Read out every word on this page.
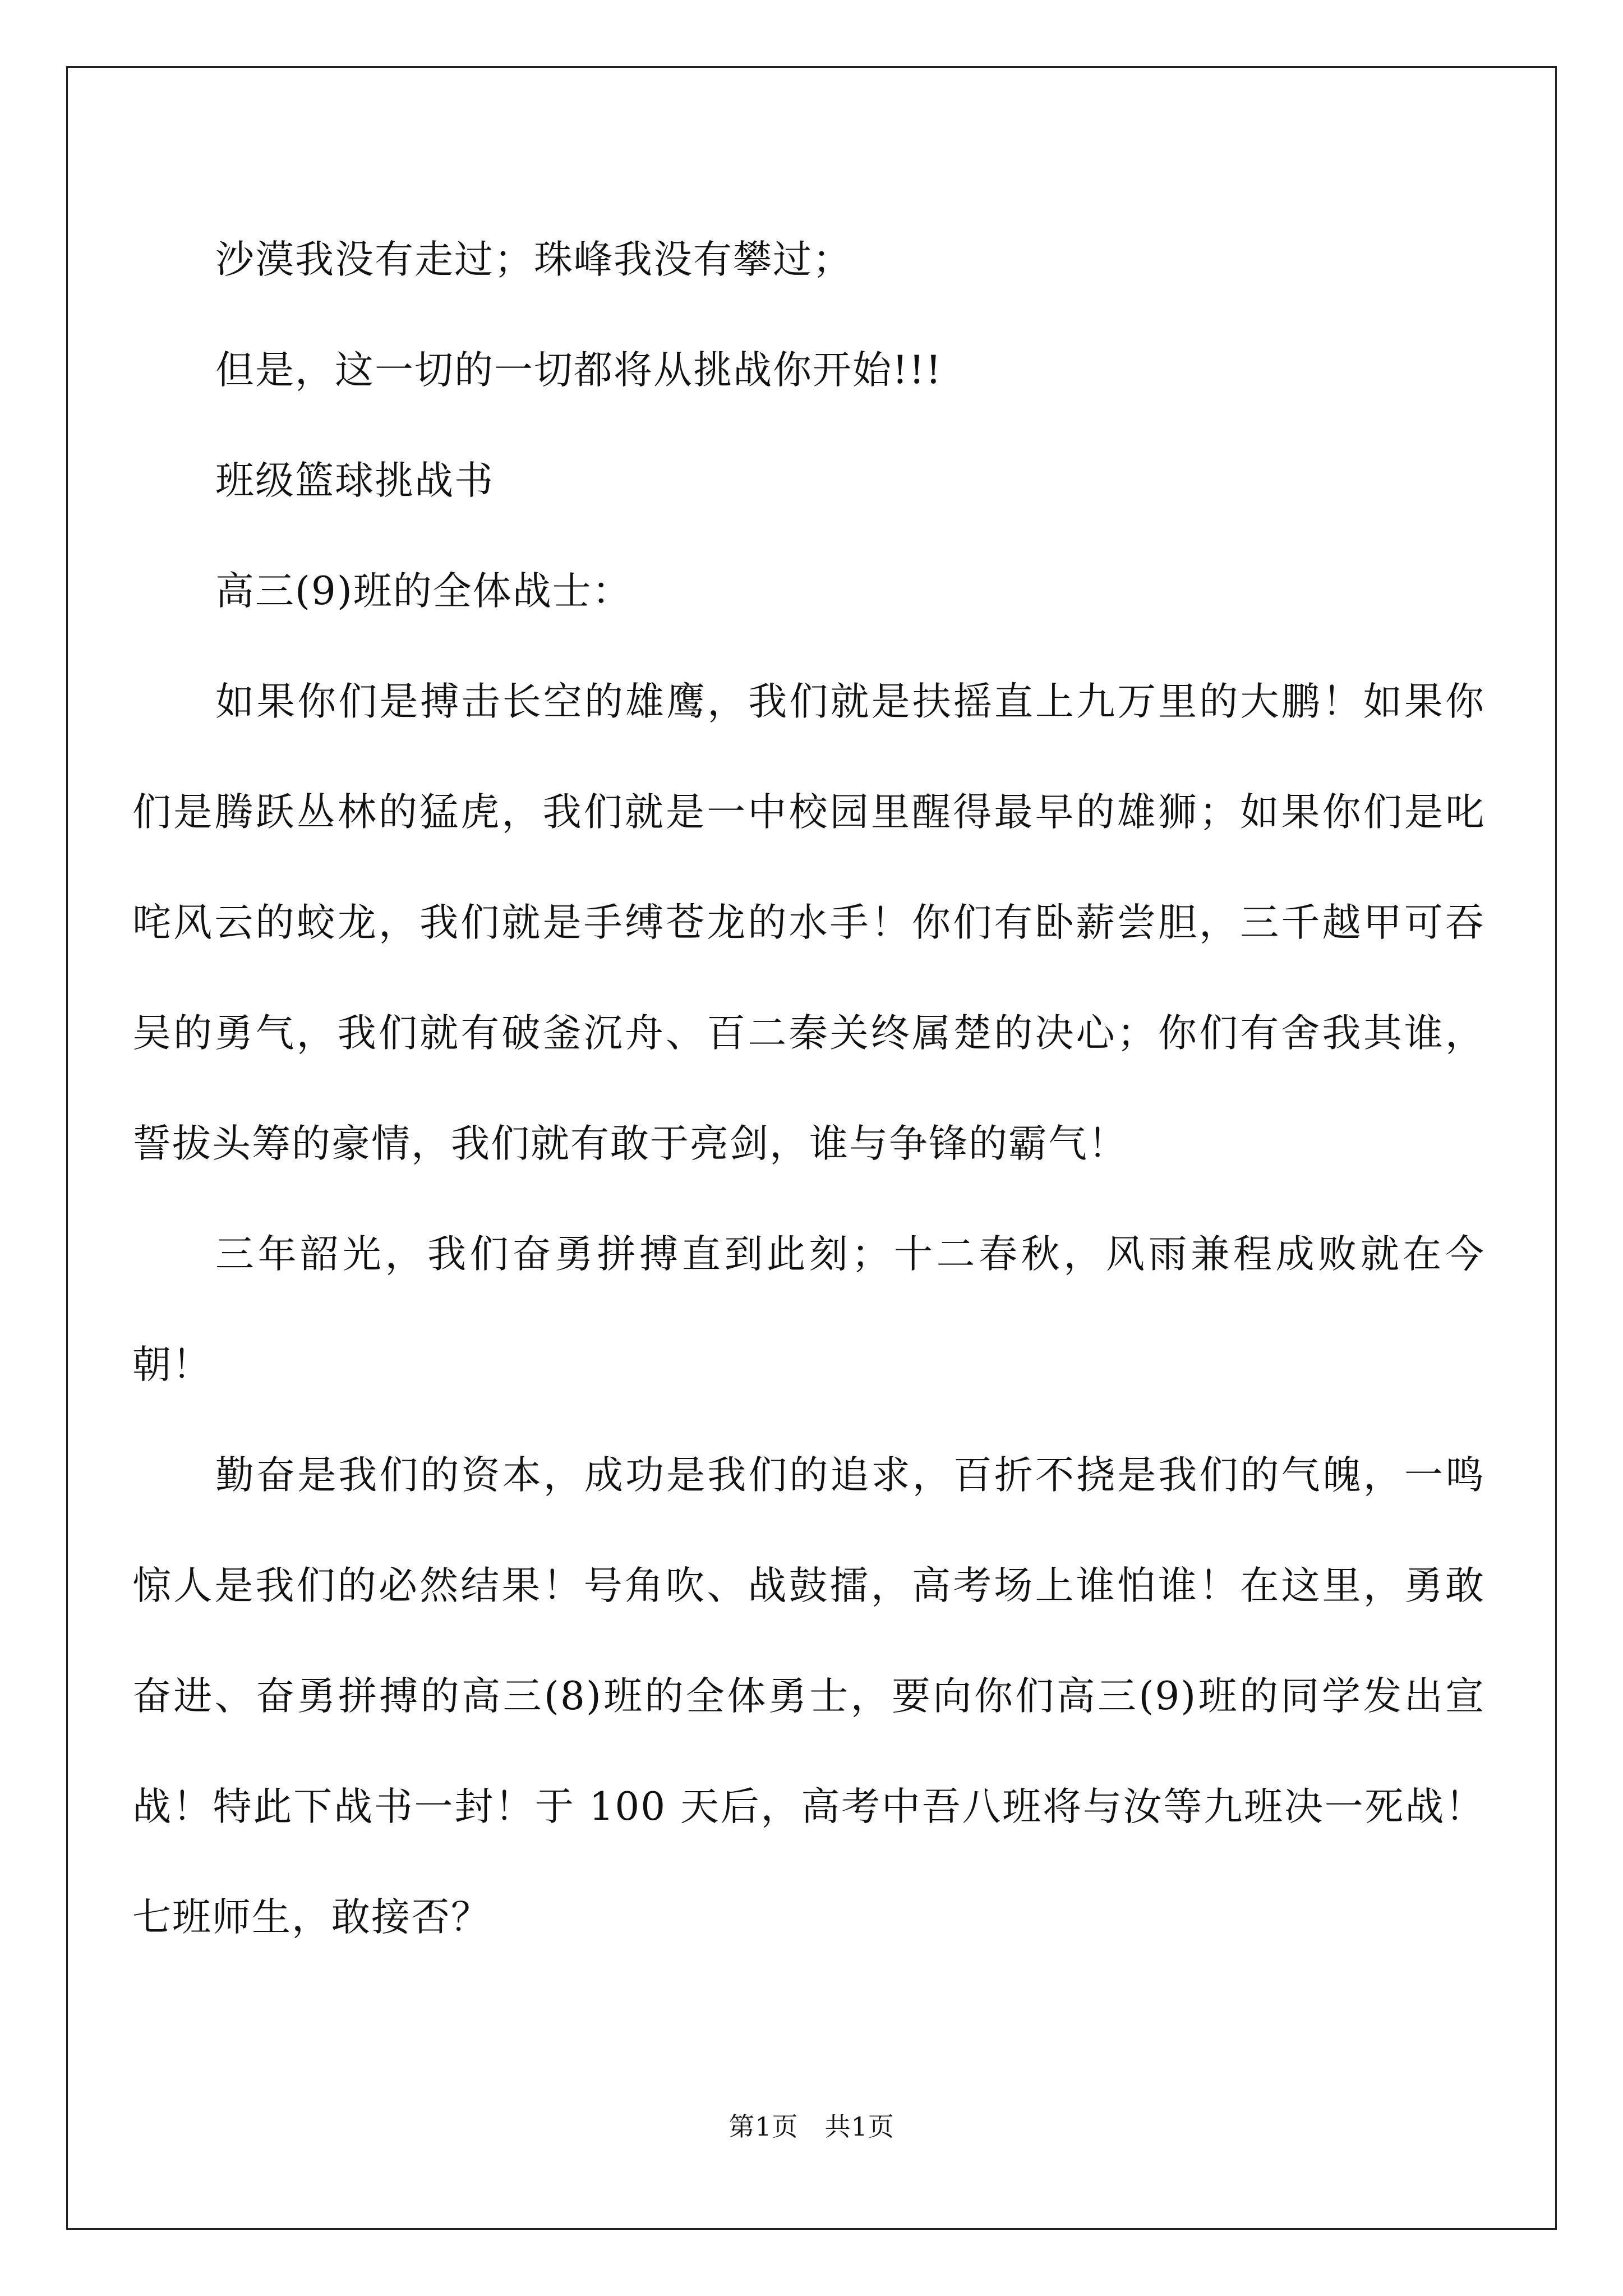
沙漠我没有走过；珠峰我没有攀过；

但是，这一切的一切都将从挑战你开始!!!

班级篮球挑战书

高三(9)班的全体战士：

如果你们是搏击长空的雄鹰，我们就是扶摇直上九万里的大鹏！如果你们是腾跃丛林的猛虎，我们就是一中校园里醒得最早的雄狮；如果你们是叱咤风云的蛟龙，我们就是手缚苍龙的水手！你们有卧薪尝胆，三千越甲可吞吴的勇气，我们就有破釜沉舟、百二秦关终属楚的决心；你们有舍我其谁，誓拔头筹的豪情，我们就有敢于亮剑，谁与争锋的霸气！

三年韶光，我们奋勇拼搏直到此刻；十二春秋，风雨兼程成败就在今朝！

勤奋是我们的资本，成功是我们的追求，百折不挠是我们的气魄，一鸣惊人是我们的必然结果！号角吹、战鼓擂，高考场上谁怕谁！在这里，勇敢奋进、奋勇拼搏的高三(8)班的全体勇士，要向你们高三(9)班的同学发出宣战！特此下战书一封！于 100 天后，高考中吾八班将与汝等九班决一死战！七班师生，敢接否？

第1页　共1页
